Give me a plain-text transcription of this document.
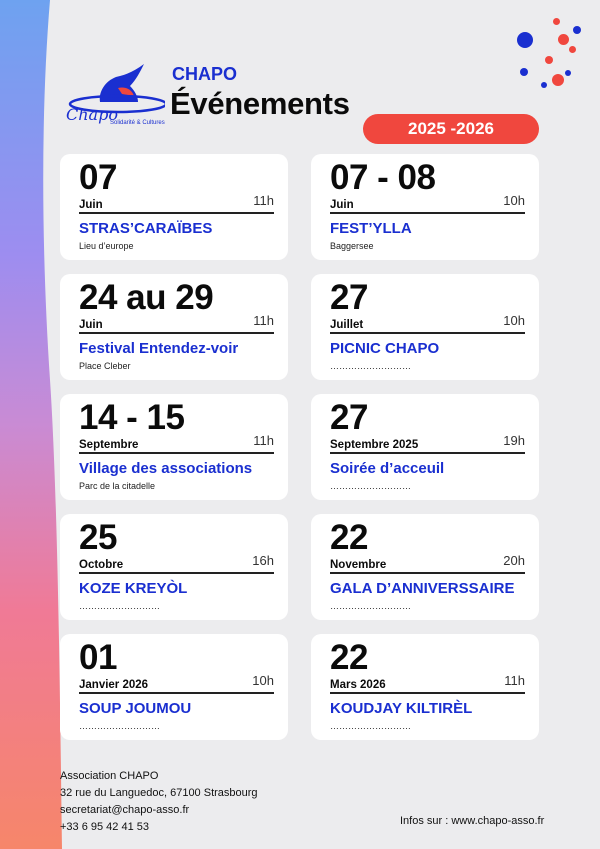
Chapo
Solidarité & Cultures
CHAPO
Événements
2025 -2026
07
Juin	11h
STRAS’CARAÏBES
Lieu d’europe
07 - 08
Juin	10h
FEST’YLLA
Baggersee
24 au 29
Juin	11h
Festival Entendez-voir
Place Cleber
27
Juillet	10h
PICNIC CHAPO
………………………
14 - 15
Septembre	11h
Village des associations
Parc de la citadelle
27
Septembre 2025	19h
Soirée d’acceuil
………………………
25
Octobre	16h
KOZE KREYÒL
………………………
22
Novembre	20h
GALA D’ANNIVERSSAIRE
………………………
01
Janvier 2026	10h
SOUP JOUMOU
………………………
22
Mars 2026	11h
KOUDJAY KILTIRÈL
………………………
Association CHAPO
32 rue du Languedoc, 67100 Strasbourg
secretariat@chapo-asso.fr
+33 6 95 42 41 53	Infos sur : www.chapo-asso.fr
